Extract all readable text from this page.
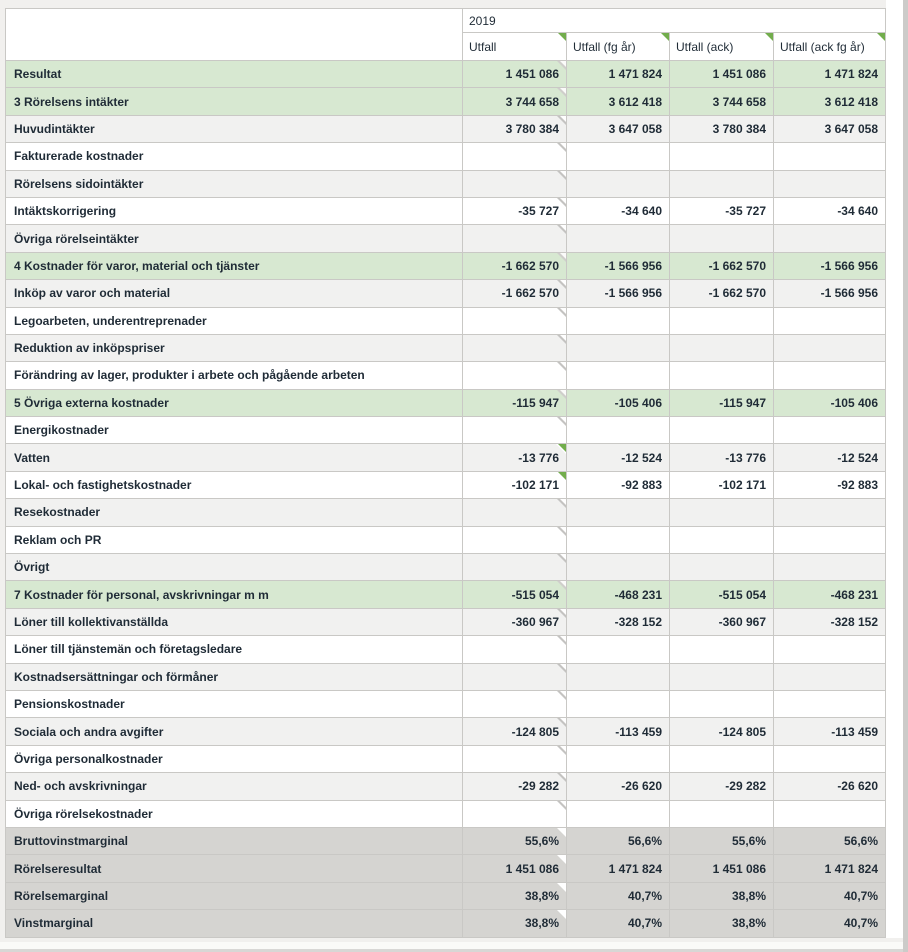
	2019			
	Utfall	Utfall (fg år)	Utfall (ack)	Utfall (ack fg år)

Resultat	1 451 086	1 471 824	1 451 086	1 471 824
3 Rörelsens intäkter	3 744 658	3 612 418	3 744 658	3 612 418
Huvudintäkter	3 780 384	3 647 058	3 780 384	3 647 058
Fakturerade kostnader	

Rörelsens sidointäkter	

Intäktskorrigering	-35 727	-34 640	-35 727	-34 640
Övriga rörelseintäkter	

4 Kostnader för varor, material och tjänster	-1 662 570	-1 566 956	-1 662 570	-1 566 956
Inköp av varor och material	-1 662 570	-1 566 956	-1 662 570	-1 566 956
Legoarbeten, underentreprenader	

Reduktion av inköpspriser	

Förändring av lager, produkter i arbete och pågående arbeten	

5 Övriga externa kostnader	-115 947	-105 406	-115 947	-105 406
Energikostnader	

Vatten	-13 776	-12 524	-13 776	-12 524
Lokal- och fastighetskostnader	-102 171	-92 883	-102 171	-92 883
Resekostnader	

Reklam och PR	

Övrigt	

7 Kostnader för personal, avskrivningar m m	-515 054	-468 231	-515 054	-468 231
Löner till kollektivanställda	-360 967	-328 152	-360 967	-328 152
Löner till tjänstemän och företagsledare	

Kostnadsersättningar och förmåner	

Pensionskostnader	

Sociala och andra avgifter	-124 805	-113 459	-124 805	-113 459
Övriga personalkostnader	

Ned- och avskrivningar	-29 282	-26 620	-29 282	-26 620
Övriga rörelsekostnader	

Bruttovinstmarginal	55,6%	56,6%	55,6%	56,6%
Rörelseresultat	1 451 086	1 471 824	1 451 086	1 471 824
Rörelsemarginal	38,8%	40,7%	38,8%	40,7%
Vinstmarginal	38,8%	40,7%	38,8%	40,7%
